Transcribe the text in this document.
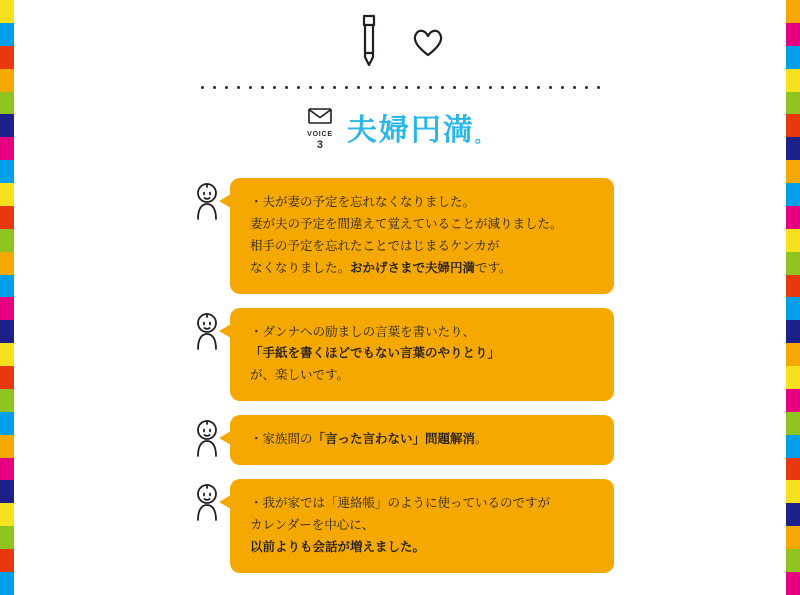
VOICE
3 夫婦円満。
・ 夫が妻の予定を忘れなくなりました。
妻が夫の予定を間違えて覚えていることが減りました。
相手の予定を忘れたことではじまるケンカが
なくなりました。おかげさまで夫婦円満です。
・ ダンナへの励ましの言葉を書いたり、
「手紙を書くほどでもない言葉のやりとり」
が、楽しいです。
・ 家族間の「言った言わない」問題解消。
・ 我が家では「連絡帳」のように使っているのですが
カレンダーを中心に、
以前よりも会話が増えました。
